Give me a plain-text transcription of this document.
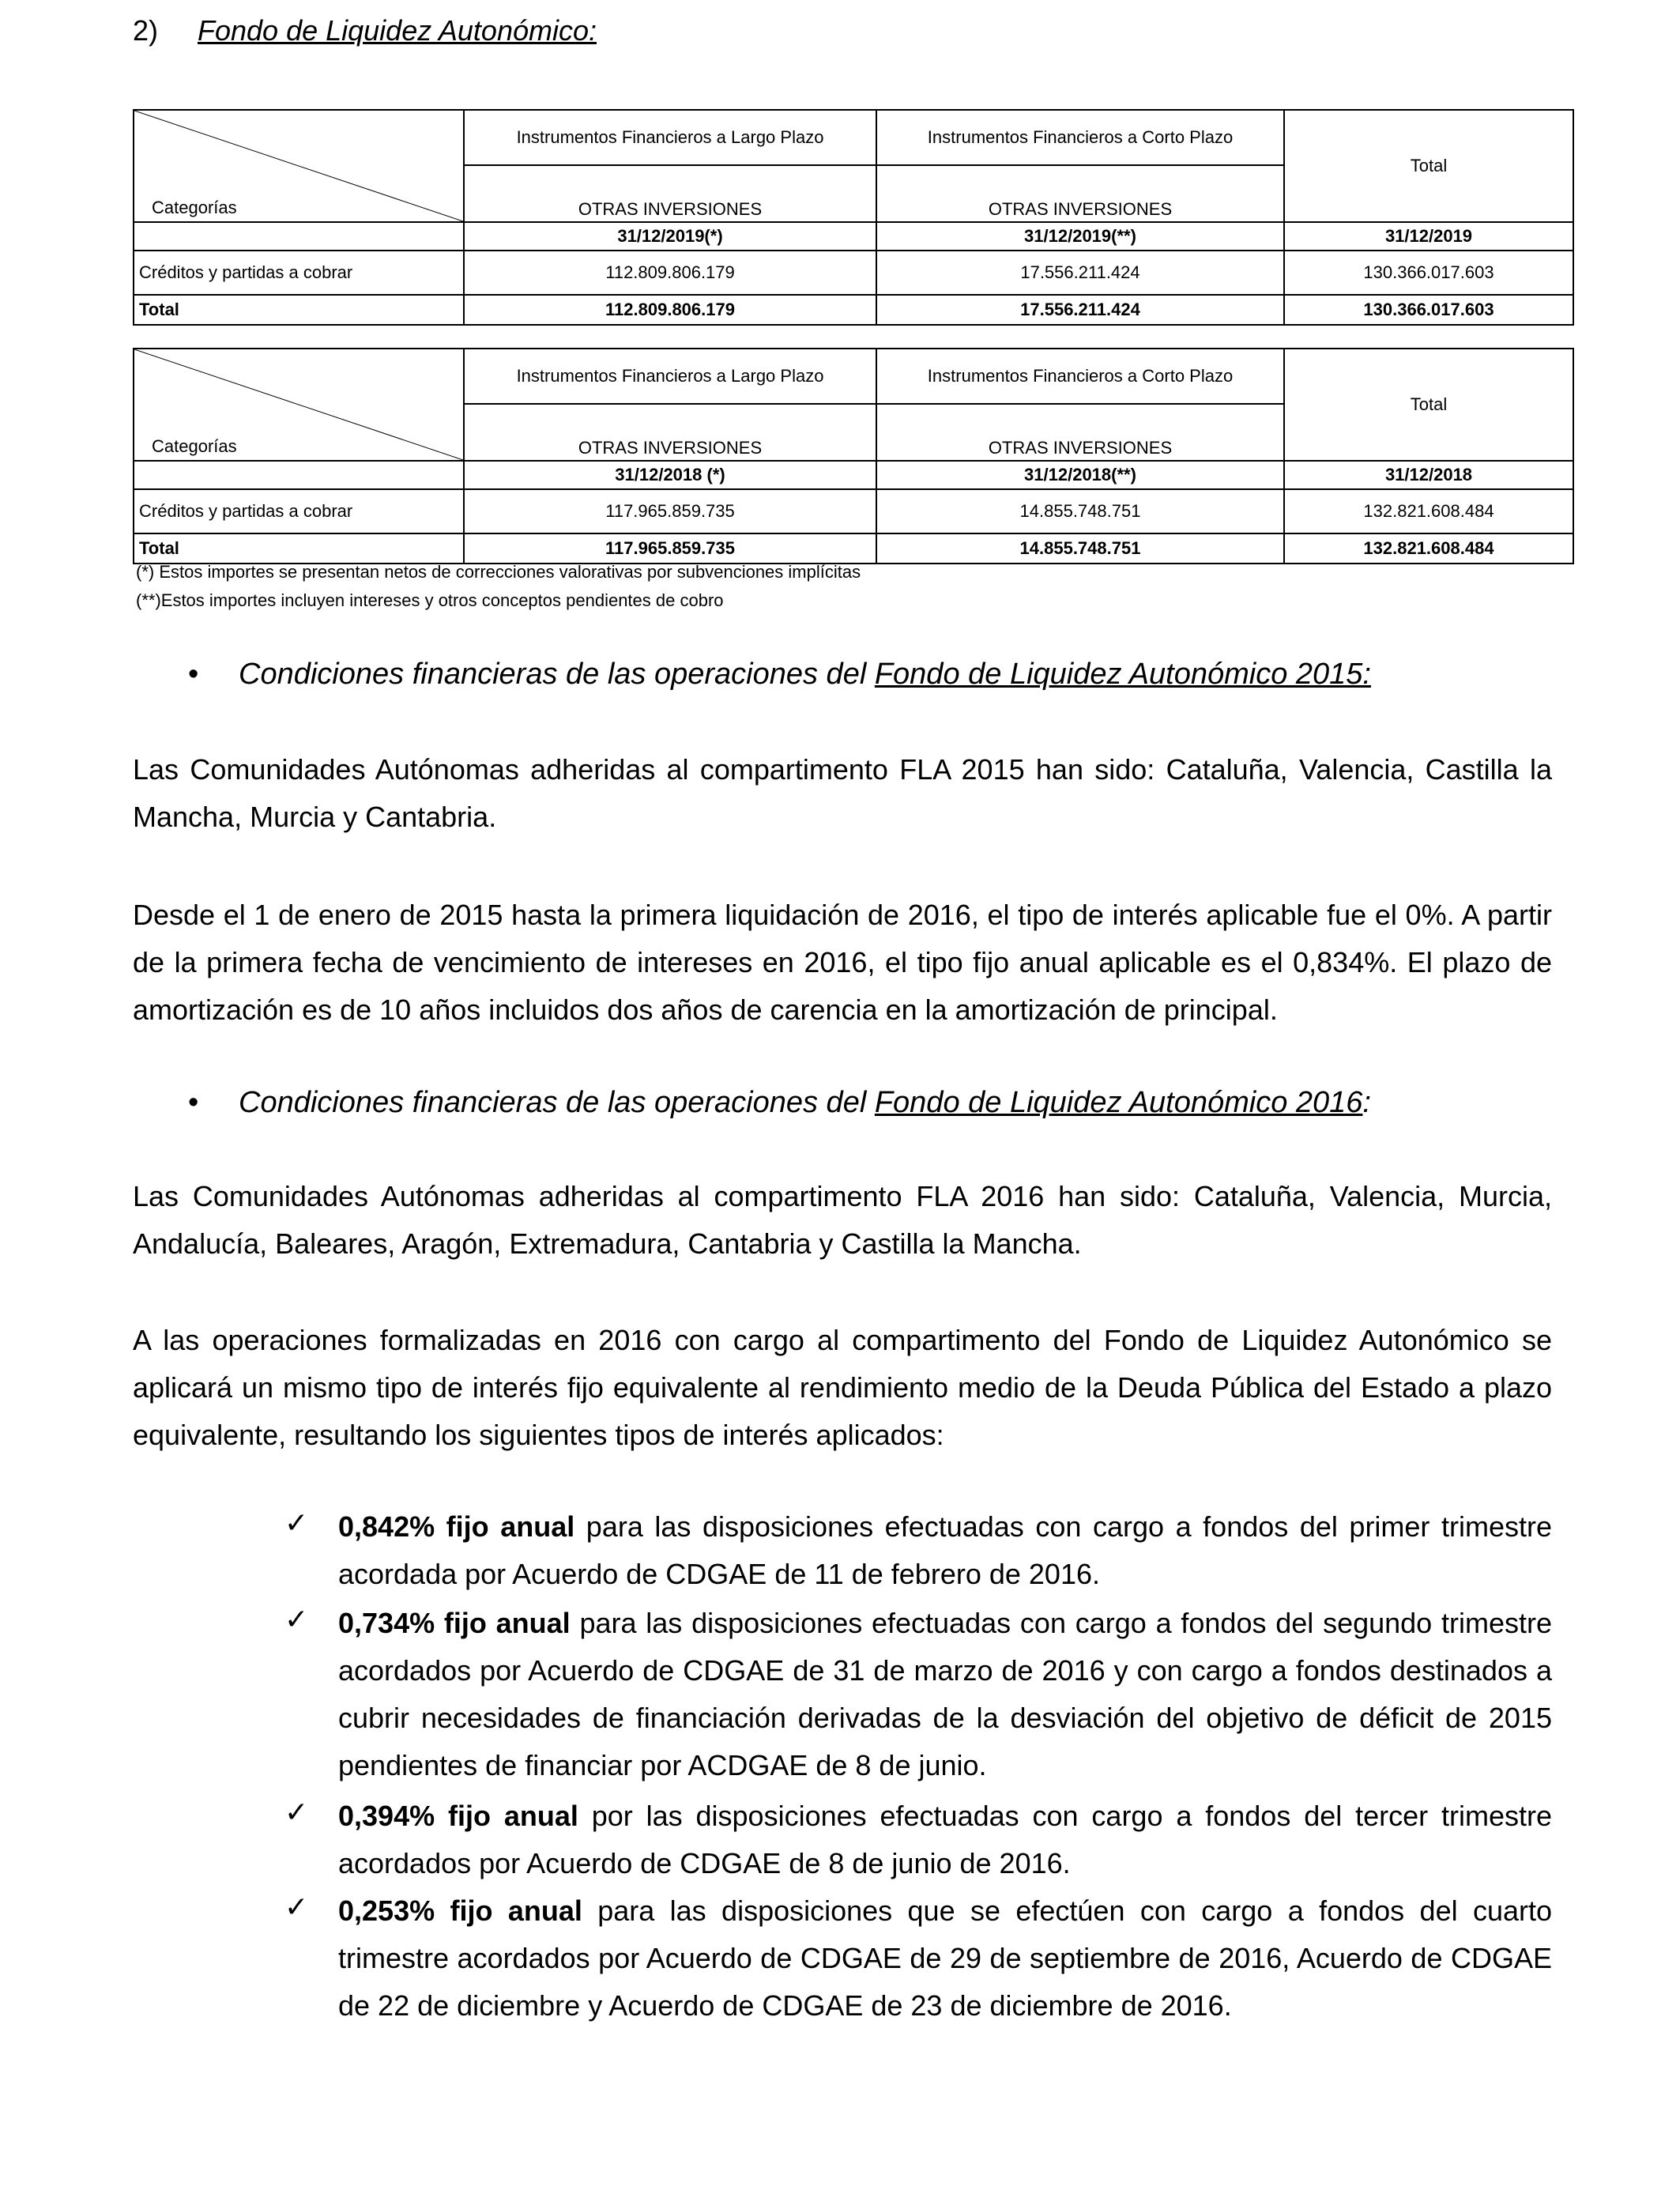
2) Fondo de Liquidez Autonómico:
Categorías	Instrumentos Financieros a Largo Plazo	Instrumentos Financieros a Corto Plazo	Total
	OTRAS INVERSIONES	OTRAS INVERSIONES	
	31/12/2019(*)	31/12/2019(**)	31/12/2019
Créditos y partidas a cobrar	112.809.806.179	17.556.211.424	130.366.017.603
Total	112.809.806.179	17.556.211.424	130.366.017.603
Categorías	Instrumentos Financieros a Largo Plazo	Instrumentos Financieros a Corto Plazo	Total
	OTRAS INVERSIONES	OTRAS INVERSIONES	
	31/12/2018 (*)	31/12/2018(**)	31/12/2018
Créditos y partidas a cobrar	117.965.859.735	14.855.748.751	132.821.608.484
Total	117.965.859.735	14.855.748.751	132.821.608.484
(*) Estos importes se presentan netos de correcciones valorativas por subvenciones implícitas
(**)Estos importes incluyen intereses y otros conceptos pendientes de cobro
• Condiciones financieras de las operaciones del Fondo de Liquidez Autonómico 2015:
Las Comunidades Autónomas adheridas al compartimento FLA 2015 han sido: Cataluña, Valencia, Castilla la Mancha, Murcia y Cantabria.
Desde el 1 de enero de 2015 hasta la primera liquidación de 2016, el tipo de interés aplicable fue el 0%. A partir de la primera fecha de vencimiento de intereses en 2016, el tipo fijo anual aplicable es el 0,834%. El plazo de amortización es de 10 años incluidos dos años de carencia en la amortización de principal.
• Condiciones financieras de las operaciones del Fondo de Liquidez Autonómico 2016:
Las Comunidades Autónomas adheridas al compartimento FLA 2016 han sido: Cataluña, Valencia, Murcia, Andalucía, Baleares, Aragón, Extremadura, Cantabria y Castilla la Mancha.
A las operaciones formalizadas en 2016 con cargo al compartimento del Fondo de Liquidez Autonómico se aplicará un mismo tipo de interés fijo equivalente al rendimiento medio de la Deuda Pública del Estado a plazo equivalente, resultando los siguientes tipos de interés aplicados:
✓ 0,842% fijo anual para las disposiciones efectuadas con cargo a fondos del primer trimestre acordada por Acuerdo de CDGAE de 11 de febrero de 2016.
✓ 0,734% fijo anual para las disposiciones efectuadas con cargo a fondos del segundo trimestre acordados por Acuerdo de CDGAE de 31 de marzo de 2016 y con cargo a fondos destinados a cubrir necesidades de financiación derivadas de la desviación del objetivo de déficit de 2015 pendientes de financiar por ACDGAE de 8 de junio.
✓ 0,394% fijo anual por las disposiciones efectuadas con cargo a fondos del tercer trimestre acordados por Acuerdo de CDGAE de 8 de junio de 2016.
✓ 0,253% fijo anual para las disposiciones que se efectúen con cargo a fondos del cuarto trimestre acordados por Acuerdo de CDGAE de 29 de septiembre de 2016, Acuerdo de CDGAE de 22 de diciembre y Acuerdo de CDGAE de 23 de diciembre de 2016.
